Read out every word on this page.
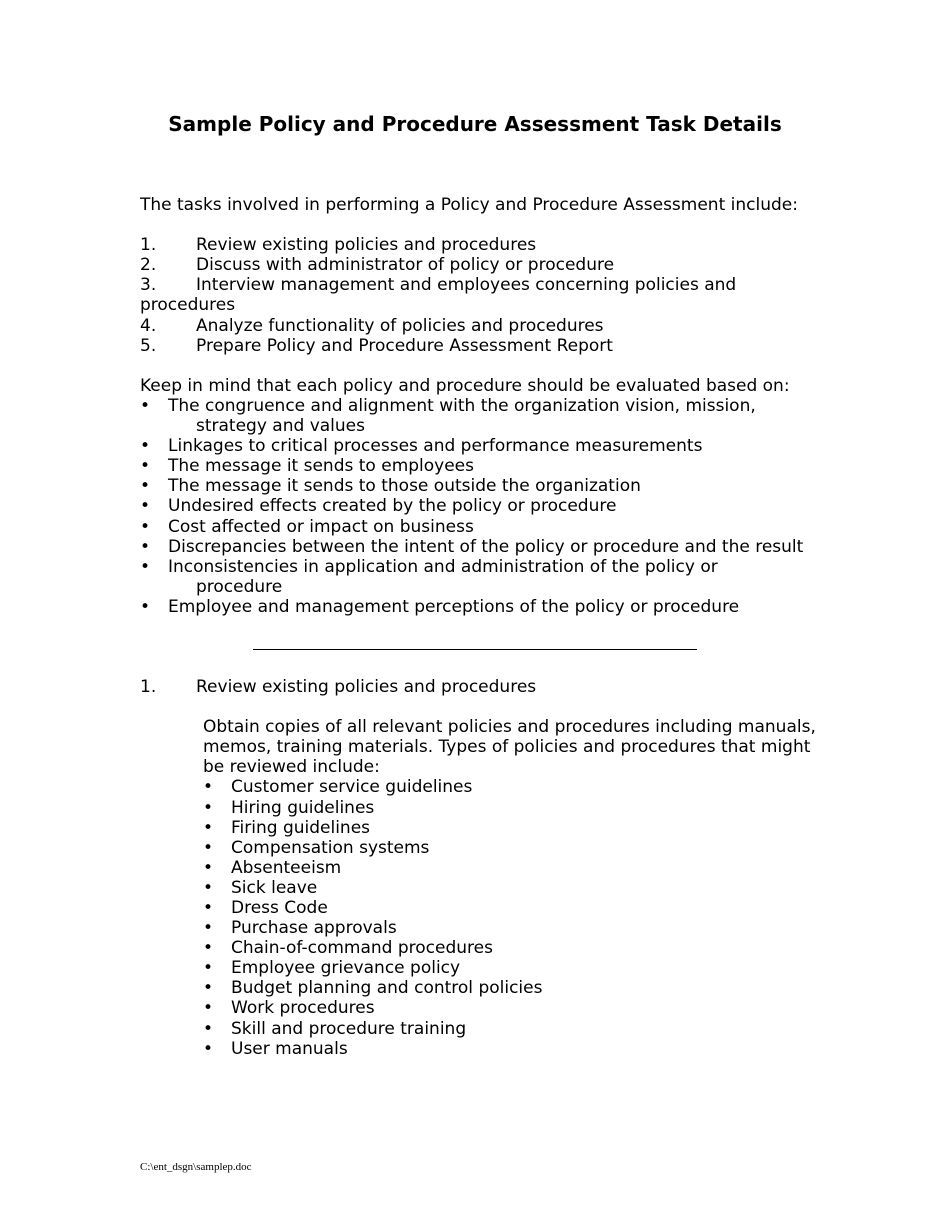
Sample Policy and Procedure Assessment Task Details

The tasks involved in performing a Policy and Procedure Assessment include:

1. Review existing policies and procedures
2. Discuss with administrator of policy or procedure
3. Interview management and employees concerning policies and procedures
4. Analyze functionality of policies and procedures
5. Prepare Policy and Procedure Assessment Report

Keep in mind that each policy and procedure should be evaluated based on:

• The congruence and alignment with the organization vision, mission,
strategy and values
• Linkages to critical processes and performance measurements
• The message it sends to employees
• The message it sends to those outside the organization
• Undesired effects created by the policy or procedure
• Cost affected or impact on business
• Discrepancies between the intent of the policy or procedure and the result
• Inconsistencies in application and administration of the policy or
procedure
• Employee and management perceptions of the policy or procedure

1. Review existing policies and procedures

Obtain copies of all relevant policies and procedures including manuals, memos, training materials. Types of policies and procedures that might be reviewed include:

• Customer service guidelines
• Hiring guidelines
• Firing guidelines
• Compensation systems
• Absenteeism
• Sick leave
• Dress Code
• Purchase approvals
• Chain-of-command procedures
• Employee grievance policy
• Budget planning and control policies
• Work procedures
• Skill and procedure training
• User manuals
C:\ent_dsgn\samplep.doc
